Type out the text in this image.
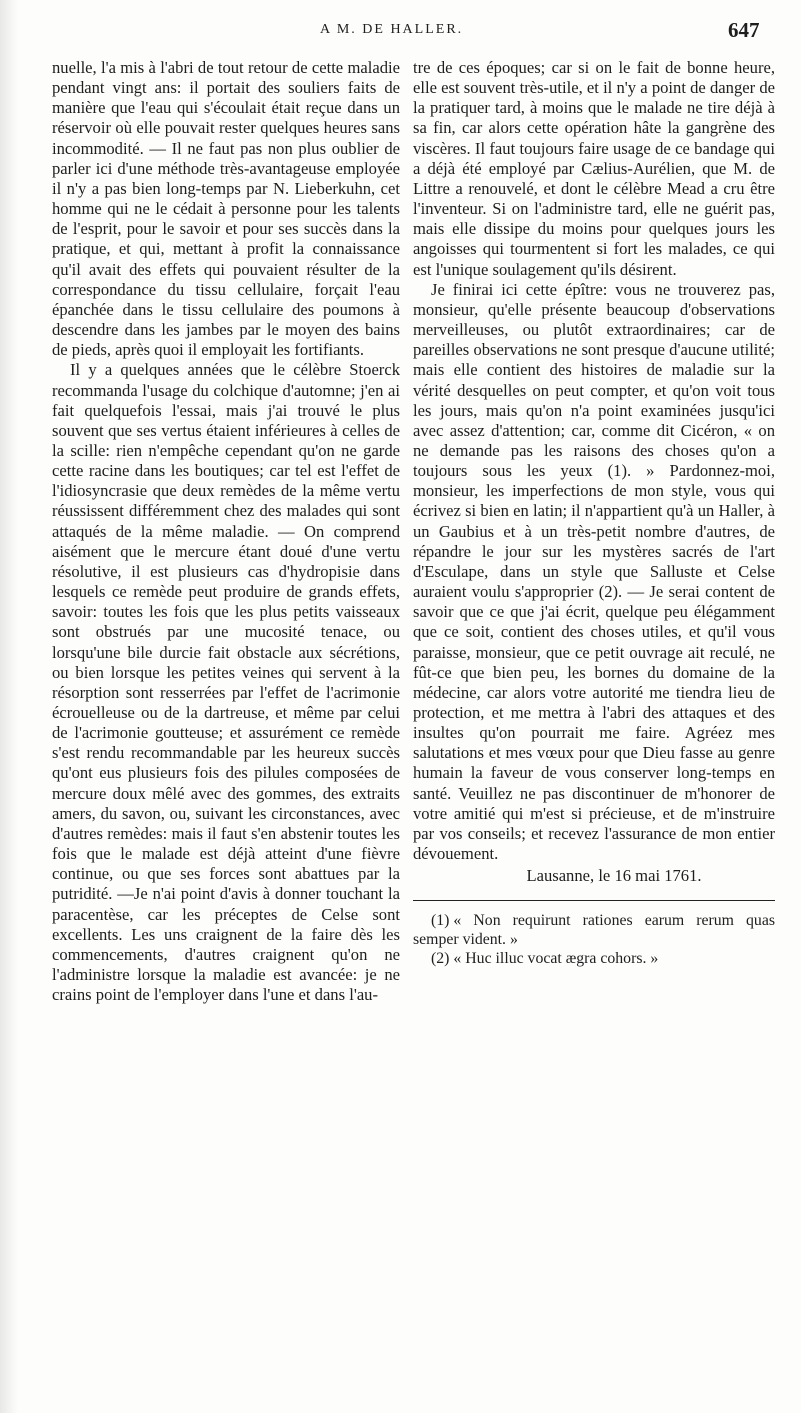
A M. DE HALLER.	647

nuelle, l'a mis à l'abri de tout retour de cette maladie pendant vingt ans: il portait des souliers faits de manière que l'eau qui s'écoulait était reçue dans un réservoir où elle pouvait rester quelques heures sans incommodité. — Il ne faut pas non plus oublier de parler ici d'une méthode très-avantageuse employée il n'y a pas bien long-temps par N. Lieberkuhn, cet homme qui ne le cédait à personne pour les talents de l'esprit, pour le savoir et pour ses succès dans la pratique, et qui, mettant à profit la connaissance qu'il avait des effets qui pouvaient résulter de la correspondance du tissu cellulaire, forçait l'eau épanchée dans le tissu cellulaire des poumons à descendre dans les jambes par le moyen des bains de pieds, après quoi il employait les fortifiants.

Il y a quelques années que le célèbre Stoerck recommanda l'usage du colchique d'automne; j'en ai fait quelquefois l'essai, mais j'ai trouvé le plus souvent que ses vertus étaient inférieures à celles de la scille: rien n'empêche cependant qu'on ne garde cette racine dans les boutiques; car tel est l'effet de l'idiosyncrasie que deux remèdes de la même vertu réussissent différemment chez des malades qui sont attaqués de la même maladie. — On comprend aisément que le mercure étant doué d'une vertu résolutive, il est plusieurs cas d'hydropisie dans lesquels ce remède peut produire de grands effets, savoir: toutes les fois que les plus petits vaisseaux sont obstrués par une mucosité tenace, ou lorsqu'une bile durcie fait obstacle aux sécrétions, ou bien lorsque les petites veines qui servent à la résorption sont resserrées par l'effet de l'acrimonie écrouelleuse ou de la dartreuse, et même par celui de l'acrimonie goutteuse; et assurément ce remède s'est rendu recommandable par les heureux succès qu'ont eus plusieurs fois des pilules composées de mercure doux mêlé avec des gommes, des extraits amers, du savon, ou, suivant les circonstances, avec d'autres remèdes: mais il faut s'en abstenir toutes les fois que le malade est déjà atteint d'une fièvre continue, ou que ses forces sont abattues par la putridité. —Je n'ai point d'avis à donner touchant la paracentèse, car les préceptes de Celse sont excellents. Les uns craignent de la faire dès les commencements, d'autres craignent qu'on ne l'administre lorsque la maladie est avancée: je ne crains point de l'employer dans l'une et dans l'au-

tre de ces époques; car si on le fait de bonne heure, elle est souvent très-utile, et il n'y a point de danger de la pratiquer tard, à moins que le malade ne tire déjà à sa fin, car alors cette opération hâte la gangrène des viscères. Il faut toujours faire usage de ce bandage qui a déjà été employé par Cælius-Aurélien, que M. de Littre a renouvelé, et dont le célèbre Mead a cru être l'inventeur. Si on l'administre tard, elle ne guérit pas, mais elle dissipe du moins pour quelques jours les angoisses qui tourmentent si fort les malades, ce qui est l'unique soulagement qu'ils désirent.

Je finirai ici cette épître: vous ne trouverez pas, monsieur, qu'elle présente beaucoup d'observations merveilleuses, ou plutôt extraordinaires; car de pareilles observations ne sont presque d'aucune utilité; mais elle contient des histoires de maladie sur la vérité desquelles on peut compter, et qu'on voit tous les jours, mais qu'on n'a point examinées jusqu'ici avec assez d'attention; car, comme dit Cicéron, « on ne demande pas les raisons des choses qu'on a toujours sous les yeux (1). » Pardonnez-moi, monsieur, les imperfections de mon style, vous qui écrivez si bien en latin; il n'appartient qu'à un Haller, à un Gaubius et à un très-petit nombre d'autres, de répandre le jour sur les mystères sacrés de l'art d'Esculape, dans un style que Salluste et Celse auraient voulu s'approprier (2). — Je serai content de savoir que ce que j'ai écrit, quelque peu élégamment que ce soit, contient des choses utiles, et qu'il vous paraisse, monsieur, que ce petit ouvrage ait reculé, ne fût-ce que bien peu, les bornes du domaine de la médecine, car alors votre autorité me tiendra lieu de protection, et me mettra à l'abri des attaques et des insultes qu'on pourrait me faire. Agréez mes salutations et mes vœux pour que Dieu fasse au genre humain la faveur de vous conserver long-temps en santé. Veuillez ne pas discontinuer de m'honorer de votre amitié qui m'est si précieuse, et de m'instruire par vos conseils; et recevez l'assurance de mon entier dévouement.

Lausanne, le 16 mai 1761.

(1) « Non requirunt rationes earum rerum quas semper vident. »

(2) « Huc illuc vocat ægra cohors. »
